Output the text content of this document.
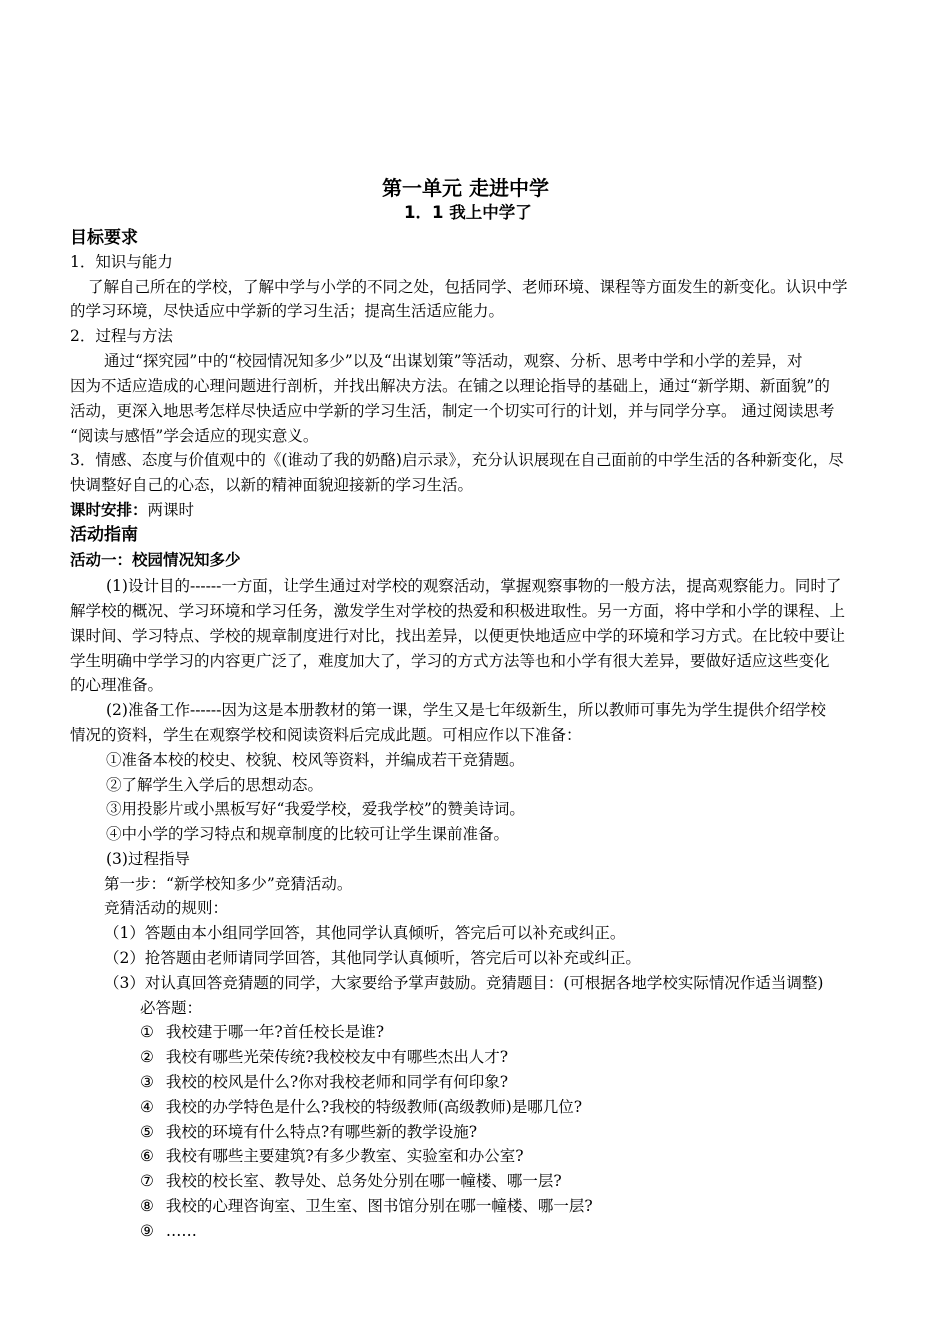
第一单元 走进中学
1．1 我上中学了
目标要求
1．知识与能力
了解自己所在的学校，了解中学与小学的不同之处，包括同学、老师环境、课程等方面发生的新变化。认识中学
的学习环境，尽快适应中学新的学习生活；提高生活适应能力。
2．过程与方法
通过“探究园”中的“校园情况知多少”以及“出谋划策”等活动，观察、分析、思考中学和小学的差异，对
因为不适应造成的心理问题进行剖析，并找出解决方法。在铺之以理论指导的基础上，通过“新学期、新面貌”的
活动，更深入地思考怎样尽快适应中学新的学习生活，制定一个切实可行的计划，并与同学分享。 通过阅读思考
“阅读与感悟”学会适应的现实意义。
3．情感、态度与价值观中的《(谁动了我的奶酪)启示录》，充分认识展现在自己面前的中学生活的各种新变化，尽
快调整好自己的心态，以新的精神面貌迎接新的学习生活。
课时安排：两课时
活动指南
活动一：校园情况知多少
(1)设计目的------一方面，让学生通过对学校的观察活动，掌握观察事物的一般方法，提高观察能力。同时了
解学校的概况、学习环境和学习任务，激发学生对学校的热爱和积极进取性。另一方面，将中学和小学的课程、上
课时间、学习特点、学校的规章制度进行对比，找出差异，以便更快地适应中学的环境和学习方式。在比较中要让
学生明确中学学习的内容更广泛了，难度加大了，学习的方式方法等也和小学有很大差异，要做好适应这些变化
的心理准备。
(2)准备工作------因为这是本册教材的第一课，学生又是七年级新生，所以教师可事先为学生提供介绍学校
情况的资料，学生在观察学校和阅读资料后完成此题。可相应作以下准备：
①准备本校的校史、校貌、校风等资料，并编成若干竞猜题。
②了解学生入学后的思想动态。
③用投影片或小黑板写好“我爱学校，爱我学校”的赞美诗词。
④中小学的学习特点和规章制度的比较可让学生课前准备。
(3)过程指导
第一步：“新学校知多少”竞猜活动。
竞猜活动的规则：
（1）答题由本小组同学回答，其他同学认真倾听，答完后可以补充或纠正。
（2）抢答题由老师请同学回答，其他同学认真倾听，答完后可以补充或纠正。
（3）对认真回答竞猜题的同学，大家要给予掌声鼓励。竞猜题目：(可根据各地学校实际情况作适当调整)
必答题：
① 我校建于哪一年?首任校长是谁?
② 我校有哪些光荣传统?我校校友中有哪些杰出人才?
③ 我校的校风是什么?你对我校老师和同学有何印象?
④ 我校的办学特色是什么?我校的特级教师(高级教师)是哪几位?
⑤ 我校的环境有什么特点?有哪些新的教学设施?
⑥ 我校有哪些主要建筑?有多少教室、实验室和办公室?
⑦ 我校的校长室、教导处、总务处分别在哪一幢楼、哪一层?
⑧ 我校的心理咨询室、卫生室、图书馆分别在哪一幢楼、哪一层?
⑨ ……
